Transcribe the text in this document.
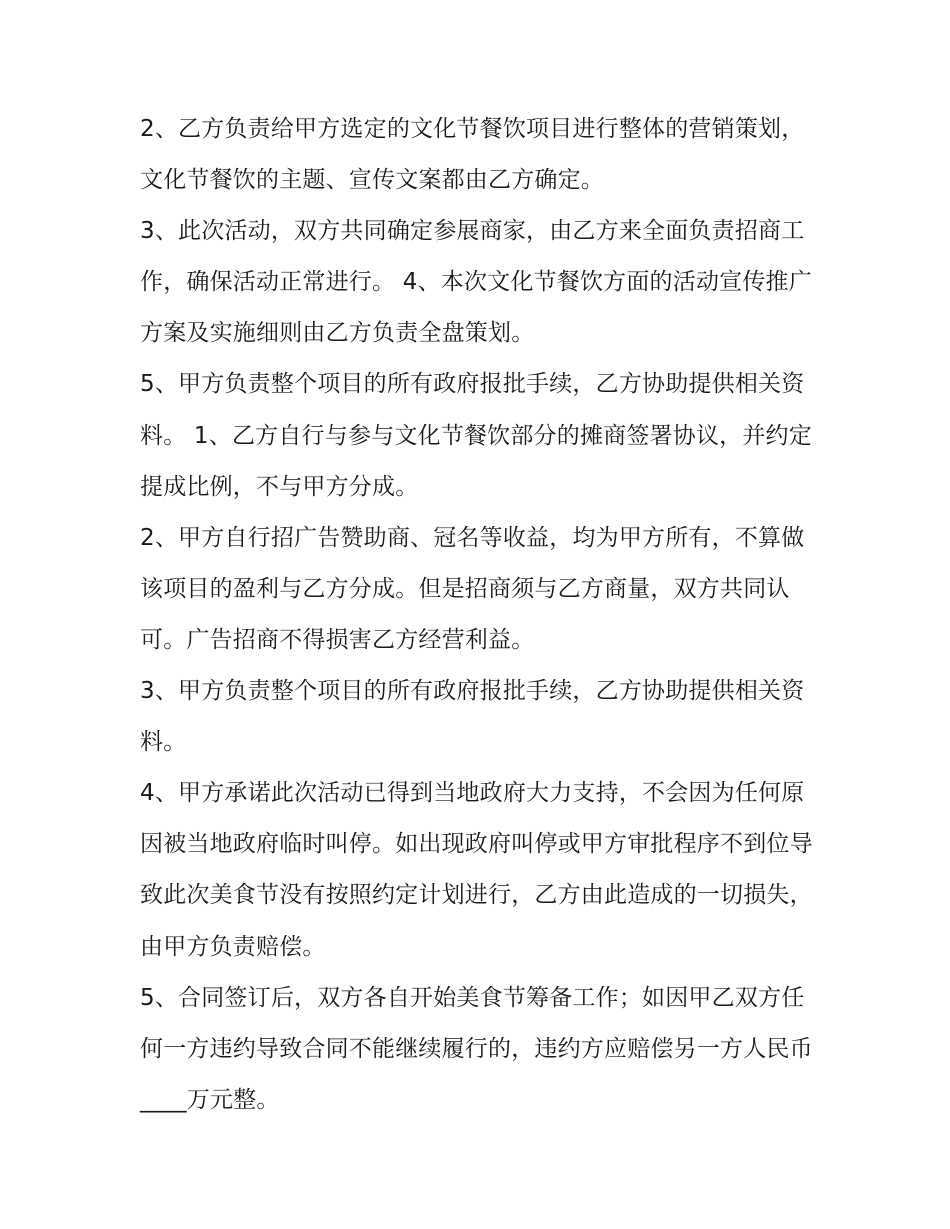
2、乙方负责给甲方选定的文化节餐饮项目进行整体的营销策划，文化节餐饮的主题、宣传文案都由乙方确定。

3、此次活动，双方共同确定参展商家，由乙方来全面负责招商工作，确保活动正常进行。 4、本次文化节餐饮方面的活动宣传推广方案及实施细则由乙方负责全盘策划。

5、甲方负责整个项目的所有政府报批手续，乙方协助提供相关资料。 1、乙方自行与参与文化节餐饮部分的摊商签署协议，并约定提成比例，不与甲方分成。

2、甲方自行招广告赞助商、冠名等收益，均为甲方所有，不算做该项目的盈利与乙方分成。但是招商须与乙方商量，双方共同认可。广告招商不得损害乙方经营利益。

3、甲方负责整个项目的所有政府报批手续，乙方协助提供相关资料。

4、甲方承诺此次活动已得到当地政府大力支持，不会因为任何原因被当地政府临时叫停。如出现政府叫停或甲方审批程序不到位导致此次美食节没有按照约定计划进行，乙方由此造成的一切损失，由甲方负责赔偿。

5、合同签订后，双方各自开始美食节筹备工作；如因甲乙双方任何一方违约导致合同不能继续履行的，违约方应赔偿另一方人民币____万元整。
